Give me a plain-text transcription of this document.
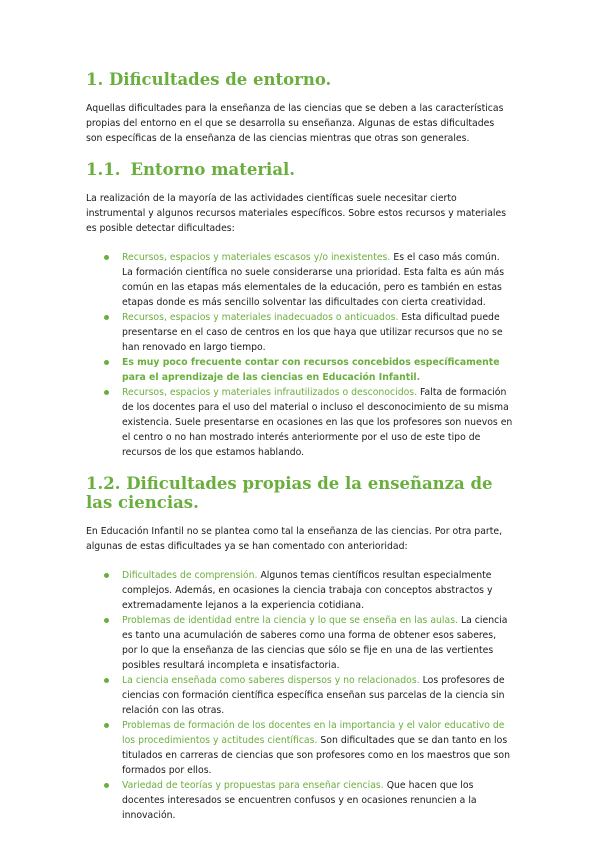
1. Dificultades de entorno.

Aquellas dificultades para la enseñanza de las ciencias que se deben a las características propias del entorno en el que se desarrolla su enseñanza. Algunas de estas dificultades son específicas de la enseñanza de las ciencias mientras que otras son generales.

1.1. Entorno material.

La realización de la mayoría de las actividades científicas suele necesitar cierto instrumental y algunos recursos materiales específicos. Sobre estos recursos y materiales es posible detectar dificultades:

Recursos, espacios y materiales escasos y/o inexistentes. Es el caso más común. La formación científica no suele considerarse una prioridad. Esta falta es aún más común en las etapas más elementales de la educación, pero es también en estas etapas donde es más sencillo solventar las dificultades con cierta creatividad.
Recursos, espacios y materiales inadecuados o anticuados. Esta dificultad puede presentarse en el caso de centros en los que haya que utilizar recursos que no se han renovado en largo tiempo.
Es muy poco frecuente contar con recursos concebidos específicamente para el aprendizaje de las ciencias en Educación Infantil.
Recursos, espacios y materiales infrautilizados o desconocidos. Falta de formación de los docentes para el uso del material o incluso el desconocimiento de su misma existencia. Suele presentarse en ocasiones en las que los profesores son nuevos en el centro o no han mostrado interés anteriormente por el uso de este tipo de recursos de los que estamos hablando.
1.2. Dificultades propias de la enseñanza de las ciencias.

En Educación Infantil no se plantea como tal la enseñanza de las ciencias. Por otra parte, algunas de estas dificultades ya se han comentado con anterioridad:

Dificultades de comprensión. Algunos temas científicos resultan especialmente complejos. Además, en ocasiones la ciencia trabaja con conceptos abstractos y extremadamente lejanos a la experiencia cotidiana.
Problemas de identidad entre la ciencia y lo que se enseña en las aulas. La ciencia es tanto una acumulación de saberes como una forma de obtener esos saberes, por lo que la enseñanza de las ciencias que sólo se fije en una de las vertientes posibles resultará incompleta e insatisfactoria.
La ciencia enseñada como saberes dispersos y no relacionados. Los profesores de ciencias con formación científica específica enseñan sus parcelas de la ciencia sin relación con las otras.
Problemas de formación de los docentes en la importancia y el valor educativo de los procedimientos y actitudes científicas. Son dificultades que se dan tanto en los titulados en carreras de ciencias que son profesores como en los maestros que son formados por ellos.
Variedad de teorías y propuestas para enseñar ciencias. Que hacen que los docentes interesados se encuentren confusos y en ocasiones renuncien a la innovación.
